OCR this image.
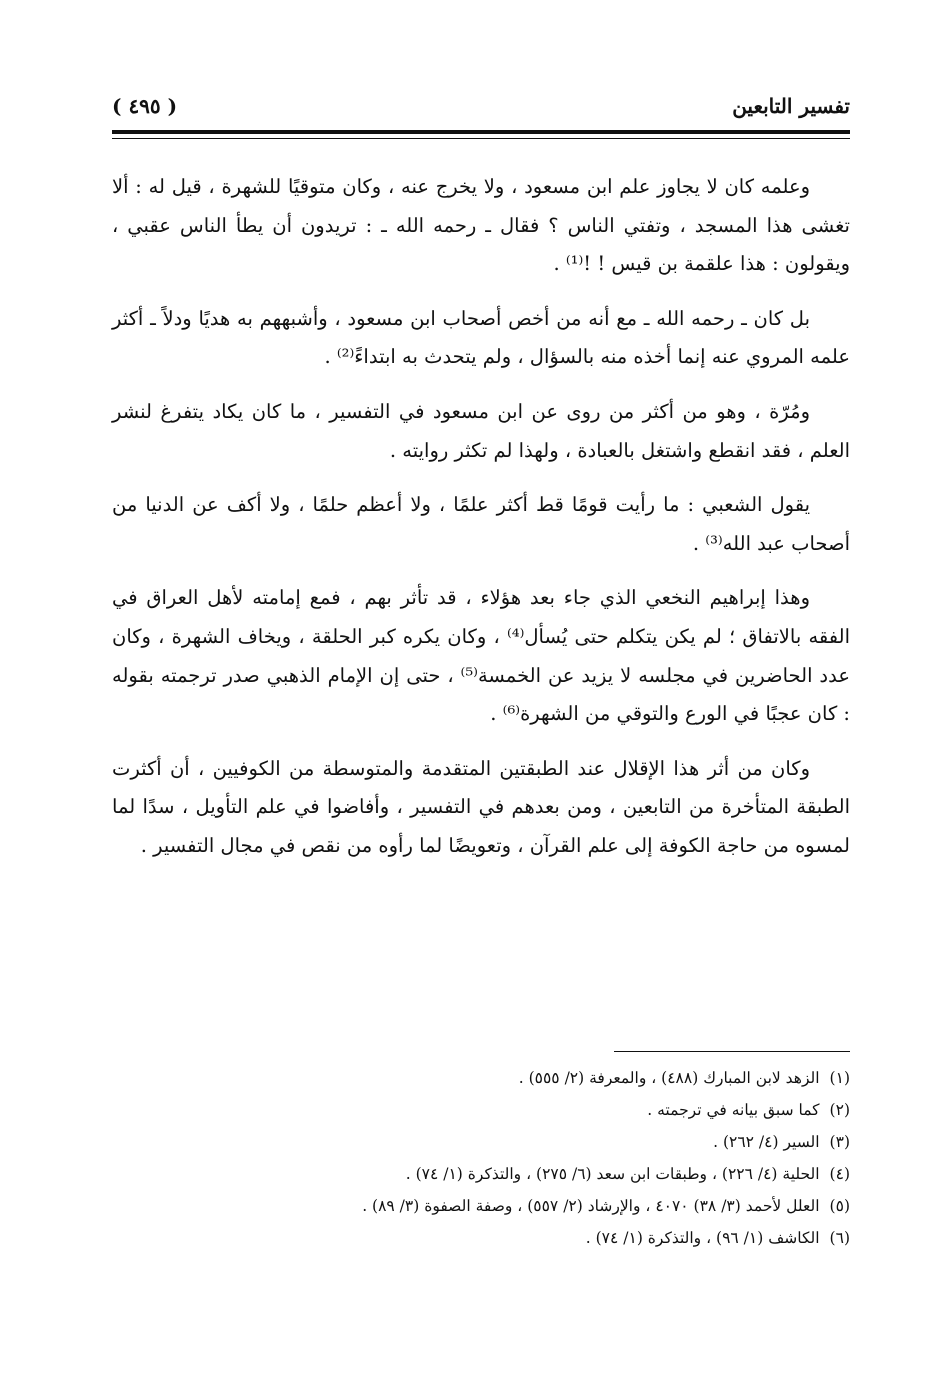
تفسير التابعين
( ٤٩٥ )

وعلمه كان لا يجاوز علم ابن مسعود ، ولا يخرج عنه ، وكان متوقيًا للشهرة ، قيل له : ألا تغشى هذا المسجد ، وتفتي الناس ؟ فقال ـ رحمه الله ـ : تريدون أن يطأ الناس عقبي ، ويقولون : هذا علقمة بن قيس ! !⁽¹⁾ .

بل كان ـ رحمه الله ـ مع أنه من أخص أصحاب ابن مسعود ، وأشبههم به هديًا ودلاً ـ أكثر علمه المروي عنه إنما أخذه منه بالسؤال ، ولم يتحدث به ابتداءً⁽²⁾ .

ومُرّة ، وهو من أكثر من روى عن ابن مسعود في التفسير ، ما كان يكاد يتفرغ لنشر العلم ، فقد انقطع واشتغل بالعبادة ، ولهذا لم تكثر روايته .

يقول الشعبي : ما رأيت قومًا قط أكثر علمًا ، ولا أعظم حلمًا ، ولا أكف عن الدنيا من أصحاب عبد الله⁽³⁾ .

وهذا إبراهيم النخعي الذي جاء بعد هؤلاء ، قد تأثر بهم ، فمع إمامته لأهل العراق في الفقه بالاتفاق ؛ لم يكن يتكلم حتى يُسأل⁽⁴⁾ ، وكان يكره كبر الحلقة ، ويخاف الشهرة ، وكان عدد الحاضرين في مجلسه لا يزيد عن الخمسة⁽⁵⁾ ، حتى إن الإمام الذهبي صدر ترجمته بقوله : كان عجبًا في الورع والتوقي من الشهرة⁽⁶⁾ .

وكان من أثر هذا الإقلال عند الطبقتين المتقدمة والمتوسطة من الكوفيين ، أن أكثرت الطبقة المتأخرة من التابعين ، ومن بعدهم في التفسير ، وأفاضوا في علم التأويل ، سدًا لما لمسوه من حاجة الكوفة إلى علم القرآن ، وتعويضًا لما رأوه من نقص في مجال التفسير .

(١)الزهد لابن المبارك (٤٨٨) ، والمعرفة (٢/ ٥٥٥) .

(٢)كما سبق بيانه في ترجمته .

(٣)السير (٤/ ٢٦٢) .

(٤)الحلية (٤/ ٢٢٦) ، وطبقات ابن سعد (٦/ ٢٧٥) ، والتذكرة (١/ ٧٤) .

(٥)العلل لأحمد (٣/ ٣٨) ٤٠٧٠ ، والإرشاد (٢/ ٥٥٧) ، وصفة الصفوة (٣/ ٨٩) .

(٦)الكاشف (١/ ٩٦) ، والتذكرة (١/ ٧٤) .
